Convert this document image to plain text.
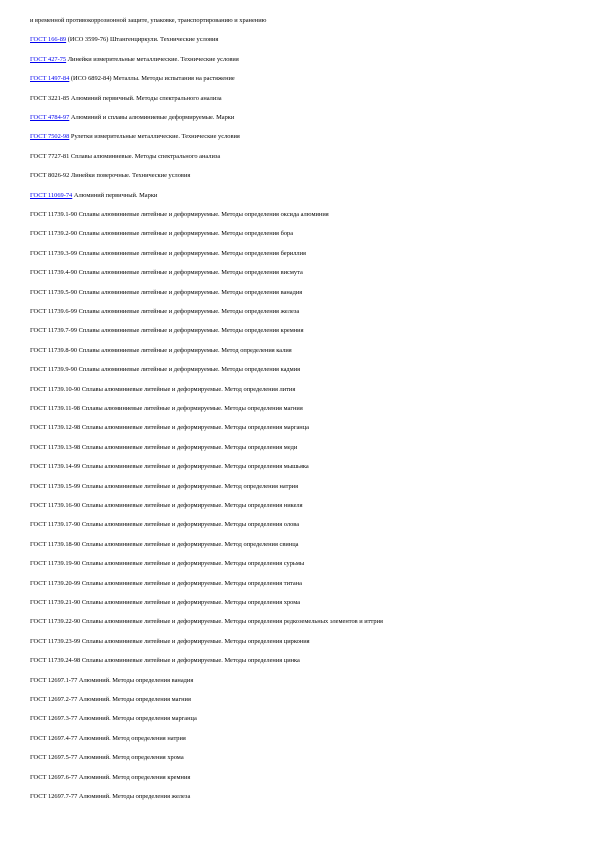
и временной противокоррозионной защите, упаковке, транспортированию и хранению
ГОСТ 166-89 (ИСО 3599-76) Штангенциркули. Технические условия
ГОСТ 427-75 Линейки измерительные металлические. Технические условия
ГОСТ 1497-84 (ИСО 6892-84) Металлы. Методы испытания на растяжение
ГОСТ 3221-85 Алюминий первичный. Методы спектрального анализа
ГОСТ 4784-97 Алюминий и сплавы алюминиевые деформируемые. Марки
ГОСТ 7502-98 Рулетки измерительные металлические. Технические условия
ГОСТ 7727-81 Сплавы алюминиевые. Методы спектрального анализа
ГОСТ 8026-92 Линейки поверочные. Технические условия
ГОСТ 11069-74 Алюминий первичный. Марки
ГОСТ 11739.1-90 Сплавы алюминиевые литейные и деформируемые. Методы определения оксида алюминия
ГОСТ 11739.2-90 Сплавы алюминиевые литейные и деформируемые. Методы определения бора
ГОСТ 11739.3-99 Сплавы алюминиевые литейные и деформируемые. Методы определения бериллия
ГОСТ 11739.4-90 Сплавы алюминиевые литейные и деформируемые. Методы определения висмута
ГОСТ 11739.5-90 Сплавы алюминиевые литейные и деформируемые. Методы определения ванадия
ГОСТ 11739.6-99 Сплавы алюминиевые литейные и деформируемые. Методы определения железа
ГОСТ 11739.7-99 Сплавы алюминиевые литейные и деформируемые. Методы определения кремния
ГОСТ 11739.8-90 Сплавы алюминиевые литейные и деформируемые. Метод определения калия
ГОСТ 11739.9-90 Сплавы алюминиевые литейные и деформируемые. Методы определения кадмия
ГОСТ 11739.10-90 Сплавы алюминиевые литейные и деформируемые. Метод определения лития
ГОСТ 11739.11-98 Сплавы алюминиевые литейные и деформируемые. Методы определения магния
ГОСТ 11739.12-98 Сплавы алюминиевые литейные и деформируемые. Методы определения марганца
ГОСТ 11739.13-98 Сплавы алюминиевые литейные и деформируемые. Методы определения меди
ГОСТ 11739.14-99 Сплавы алюминиевые литейные и деформируемые. Методы определения мышьяка
ГОСТ 11739.15-99 Сплавы алюминиевые литейные и деформируемые. Метод определения натрия
ГОСТ 11739.16-90 Сплавы алюминиевые литейные и деформируемые. Методы определения никеля
ГОСТ 11739.17-90 Сплавы алюминиевые литейные и деформируемые. Методы определения олова
ГОСТ 11739.18-90 Сплавы алюминиевые литейные и деформируемые. Метод определения свинца
ГОСТ 11739.19-90 Сплавы алюминиевые литейные и деформируемые. Методы определения сурьмы
ГОСТ 11739.20-99 Сплавы алюминиевые литейные и деформируемые. Методы определения титана
ГОСТ 11739.21-90 Сплавы алюминиевые литейные и деформируемые. Методы определения хрома
ГОСТ 11739.22-90 Сплавы алюминиевые литейные и деформируемые. Методы определения редкоземельных элементов и иттрия
ГОСТ 11739.23-99 Сплавы алюминиевые литейные и деформируемые. Методы определения циркония
ГОСТ 11739.24-98 Сплавы алюминиевые литейные и деформируемые. Методы определения цинка
ГОСТ 12697.1-77 Алюминий. Методы определения ванадия
ГОСТ 12697.2-77 Алюминий. Методы определения магния
ГОСТ 12697.3-77 Алюминий. Методы определения марганца
ГОСТ 12697.4-77 Алюминий. Метод определения натрия
ГОСТ 12697.5-77 Алюминий. Метод определения хрома
ГОСТ 12697.6-77 Алюминий. Метод определения кремния
ГОСТ 12697.7-77 Алюминий. Методы определения железа
